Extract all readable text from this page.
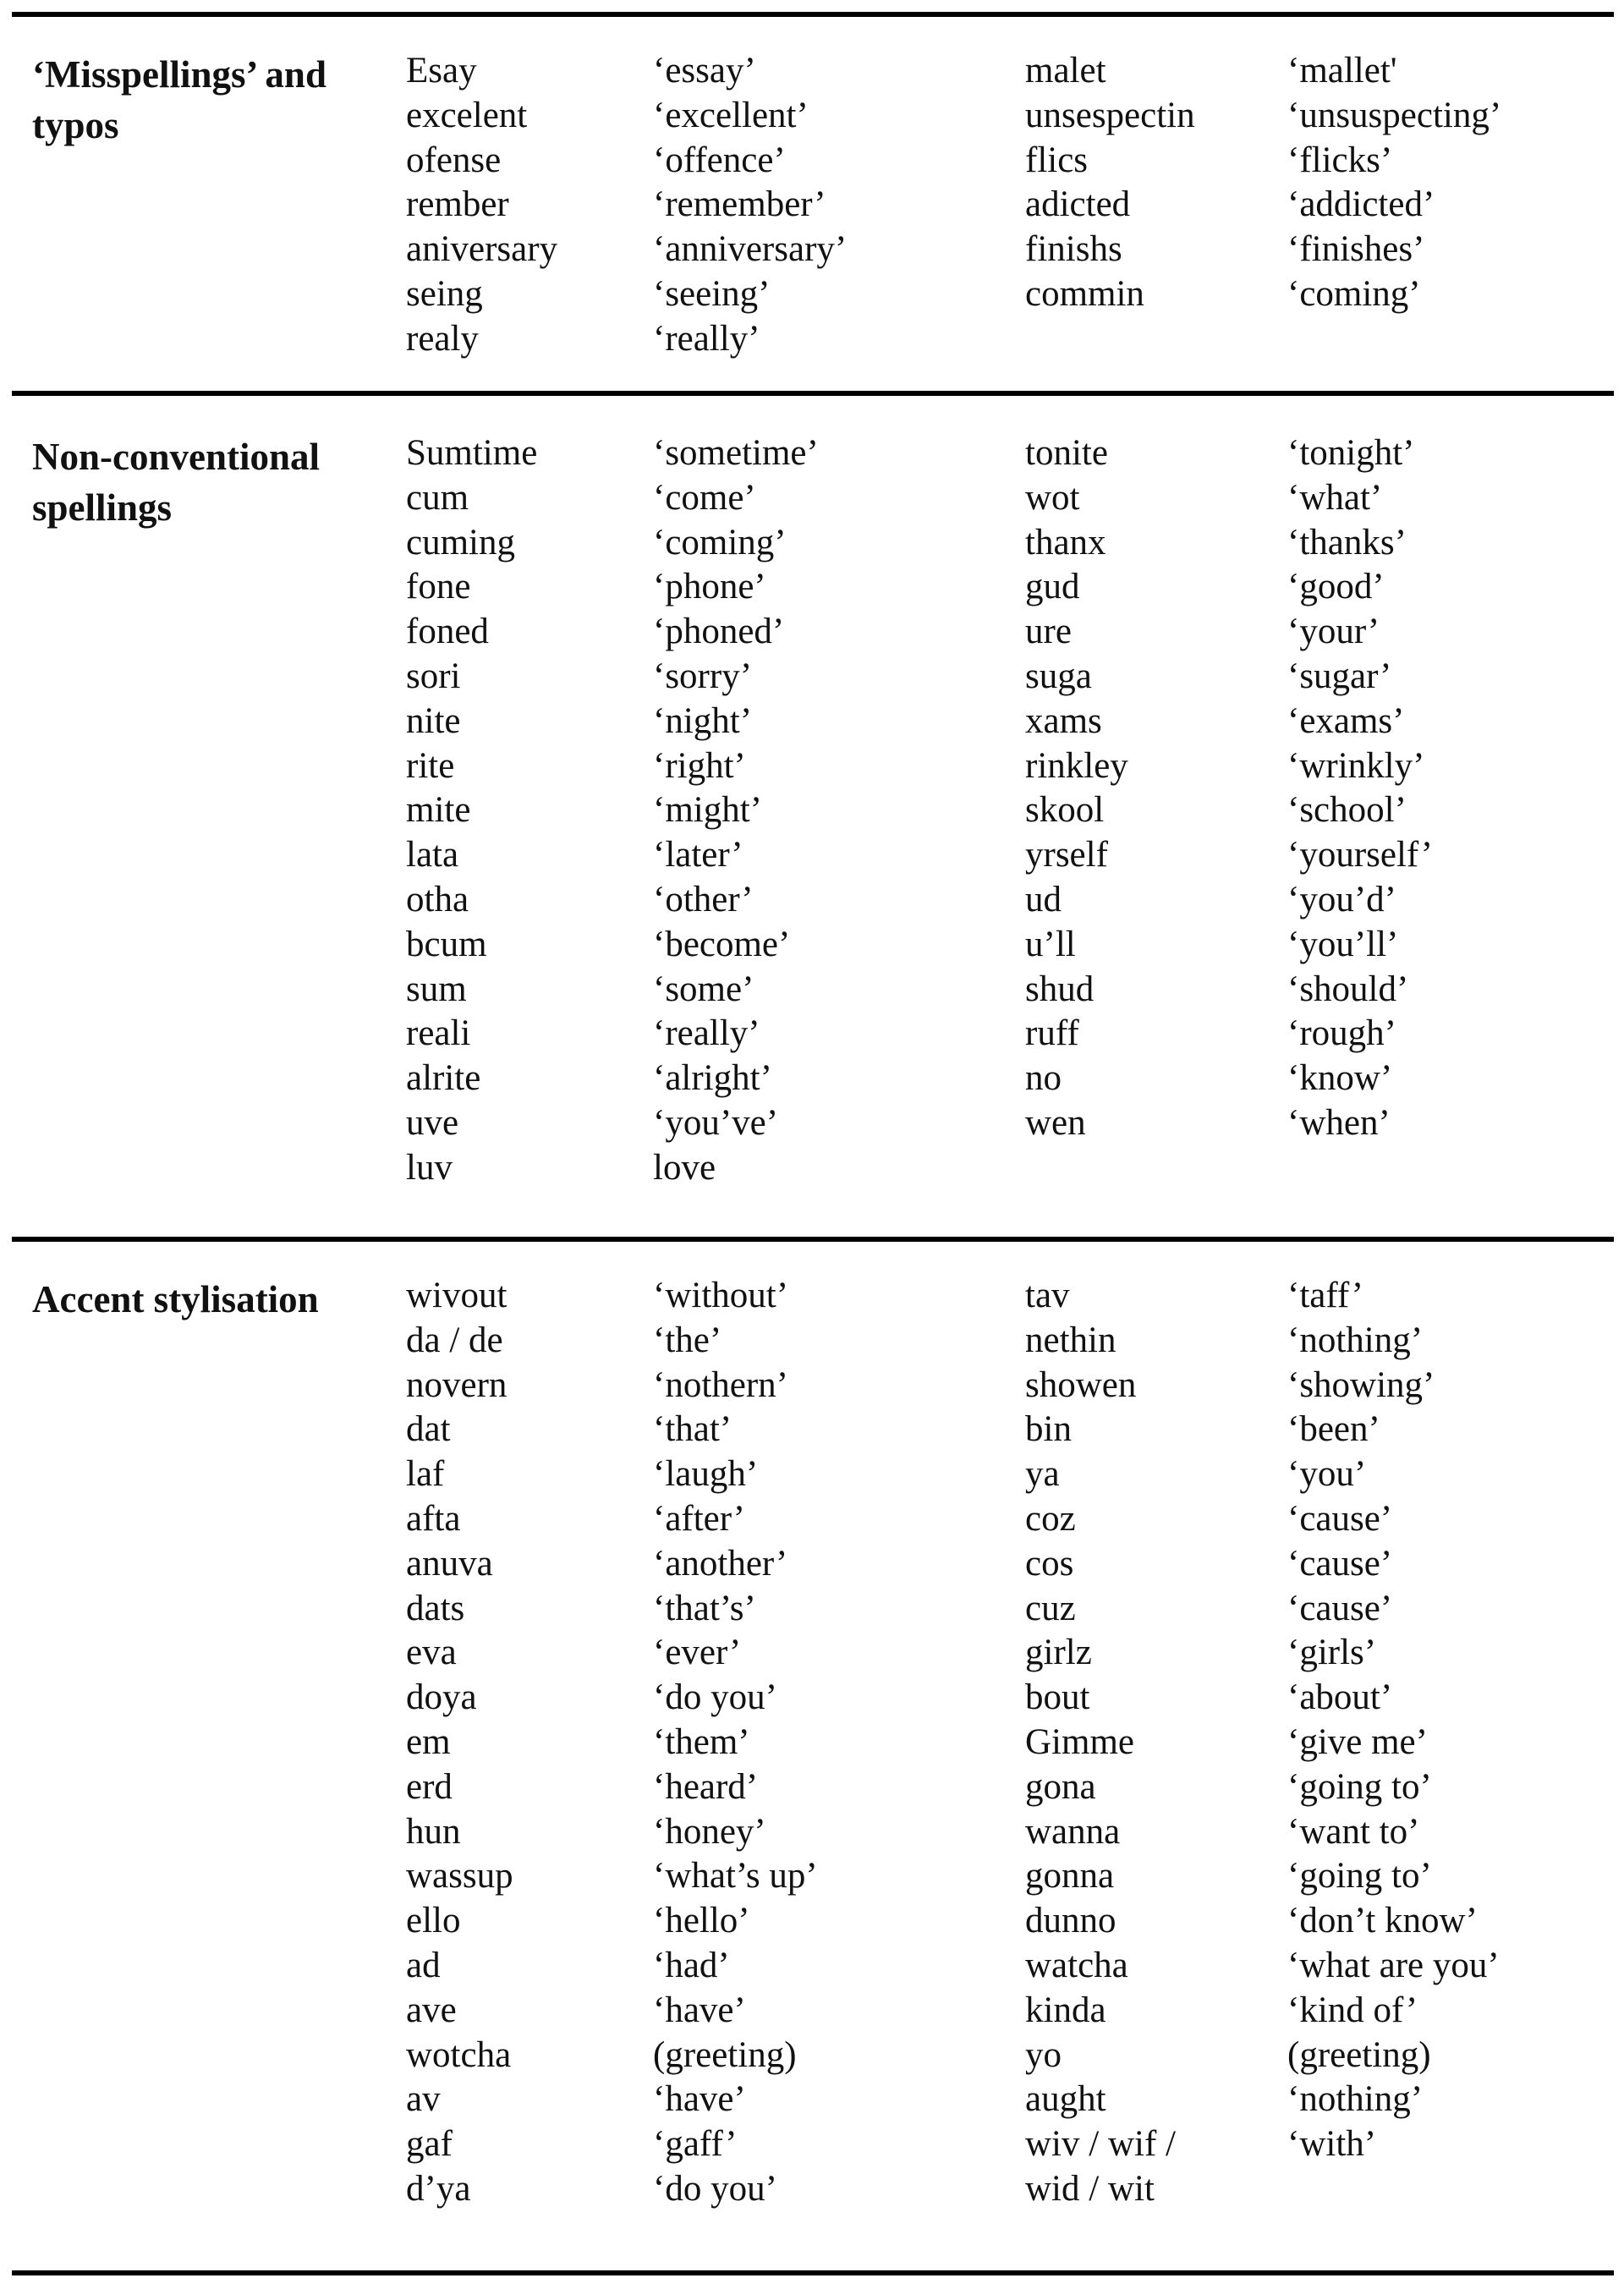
‘Misspellings’ and typos
Esay
excelent
ofense
rember
aniversary
seing
realy
‘essay’
‘excellent’
‘offence’
‘remember’
‘anniversary’
‘seeing’
‘really’
malet
unsespectin
flics
adicted
finishs
commin
‘mallet'
‘unsuspecting’
‘flicks’
‘addicted’
‘finishes’
‘coming’
Non-conventional spellings
Sumtime
cum
cuming
fone
foned
sori
nite
rite
mite
lata
otha
bcum
sum
reali
alrite
uve
luv
‘sometime’
‘come’
‘coming’
‘phone’
‘phoned’
‘sorry’
‘night’
‘right’
‘might’
‘later’
‘other’
‘become’
‘some’
‘really’
‘alright’
‘you’ve’
love
tonite
wot
thanx
gud
ure
suga
xams
rinkley
skool
yrself
ud
u’ll
shud
ruff
no
wen
‘tonight’
‘what’
‘thanks’
‘good’
‘your’
‘sugar’
‘exams’
‘wrinkly’
‘school’
‘yourself’
‘you’d’
‘you’ll’
‘should’
‘rough’
‘know’
‘when’
Accent stylisation	wivout
da / de
novern
dat
laf
afta
anuva
dats
eva
doya
em
erd
hun
wassup
ello
ad
ave
wotcha
av
gaf
d’ya
‘without’
‘the’
‘nothern’
‘that’
‘laugh’
‘after’
‘another’
‘that’s’
‘ever’
‘do you’
‘them’
‘heard’
‘honey’
‘what’s up’
‘hello’
‘had’
‘have’
(greeting)
‘have’
‘gaff’
‘do you’
tav
nethin
showen
bin
ya
coz
cos
cuz
girlz
bout
Gimme
gona
wanna
gonna
dunno
watcha
kinda
yo
aught
wiv / wif /
wid / wit
‘taff’
‘nothing’
‘showing’
‘been’
‘you’
‘cause’
‘cause’
‘cause’
‘girls’
‘about’
‘give me’
‘going to’
‘want to’
‘going to’
‘don’t know’
‘what are you’
‘kind of’
(greeting)
‘nothing’
‘with’
